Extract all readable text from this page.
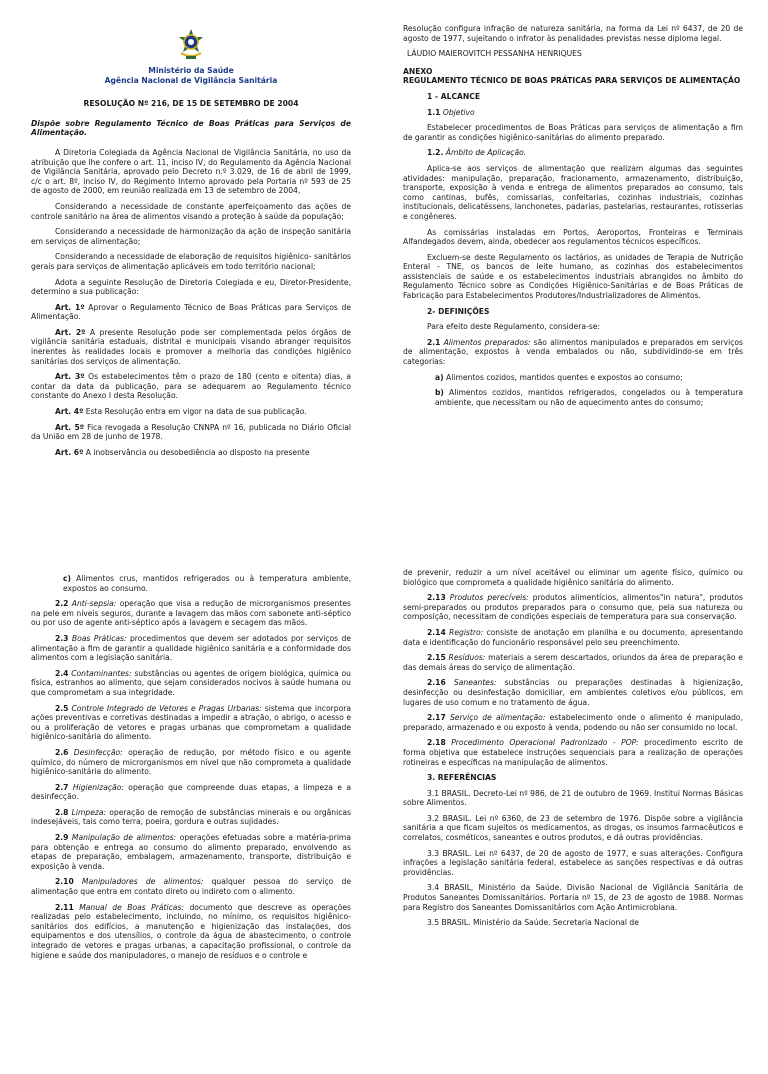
Ministério da Saúde
Agência Nacional de Vigilância Sanitária
RESOLUÇÃO Nº 216, DE 15 DE SETEMBRO DE 2004

Dispõe sobre Regulamento Técnico de Boas Práticas para Serviços de Alimentação.

A Diretoria Colegiada da Agência Nacional de Vigilância Sanitária, no uso da atribuição que lhe confere o art. 11, inciso IV, do Regulamento da Agência Nacional de Vigilância Sanitária, aprovado pelo Decreto n.º 3.029, de 16 de abril de 1999, c/c o art. 8º, inciso IV, do Regimento Interno aprovado pela Portaria nº 593 de 25 de agosto de 2000, em reunião realizada em 13 de setembro de 2004,

Considerando a necessidade de constante aperfeiçoamento das ações de controle sanitário na área de alimentos visando a proteção à saúde da população;

Considerando a necessidade de harmonização da ação de inspeção sanitária em serviços de alimentação;

Considerando a necessidade de elaboração de requisitos higiênico- sanitários gerais para serviços de alimentação aplicáveis em todo território nacional;

Adota a seguinte Resolução de Diretoria Colegiada e eu, Diretor-Presidente, determino a sua publicação:

Art. 1º Aprovar o Regulamento Técnico de Boas Práticas para Serviços de Alimentação.

Art. 2º A presente Resolução pode ser complementada pelos órgãos de vigilância sanitária estaduais, distrital e municipais visando abranger requisitos inerentes às realidades locais e promover a melhoria das condições higiênico sanitárias dos serviços de alimentação.

Art. 3º Os estabelecimentos têm o prazo de 180 (cento e oitenta) dias, a contar da data da publicação, para se adequarem ao Regulamento técnico constante do Anexo I desta Resolução.

Art. 4º Esta Resolução entra em vigor na data de sua publicação.

Art. 5º Fica revogada a Resolução CNNPA nº 16, publicada no Diário Oficial da União em 28 de junho de 1978.

Art. 6º A inobservância ou desobediência ao disposto na presente

Resolução configura infração de natureza sanitária, na forma da Lei nº 6437, de 20 de agosto de 1977, sujeitando o infrator às penalidades previstas nesse diploma legal.

LÁUDIO MAIEROVITCH PESSANHA HENRIQUES

ANEXO
REGULAMENTO TÉCNICO DE BOAS PRÁTICAS PARA SERVIÇOS DE ALIMENTAÇÃO
1 - ALCANCE

1.1 Objetivo

Estabelecer procedimentos de Boas Práticas para serviços de alimentação a fim de garantir as condições higiênico-sanitárias do alimento preparado.

1.2. Âmbito de Aplicação.

Aplica-se aos serviços de alimentação que realizam algumas das seguintes atividades: manipulação, preparação, fracionamento, armazenamento, distribuição, transporte, exposição à venda e entrega de alimentos preparados ao consumo, tais como cantinas, bufês, comissarias, confeitarias, cozinhas industriais, cozinhas institucionais, delicatéssens, lanchonetes, padarias, pastelarias, restaurantes, rotisserias e congêneres.

As comissárias instaladas em Portos, Aeroportos, Fronteiras e Terminais Alfandegados devem, ainda, obedecer aos regulamentos técnicos específicos.

Excluem-se deste Regulamento os lactários, as unidades de Terapia de Nutrição Enteral - TNE, os bancos de leite humano, as cozinhas dos estabelecimentos assistenciais de saúde e os estabelecimentos industriais abrangidos no âmbito do Regulamento Técnico sobre as Condições Higiênico-Sanitárias e de Boas Práticas de Fabricação para Estabelecimentos Produtores/Industrializadores de Alimentos.

2- DEFINIÇÕES

Para efeito deste Regulamento, considera-se:

2.1 Alimentos preparados: são alimentos manipulados e preparados em serviços de alimentação, expostos à venda embalados ou não, subdividindo-se em três categorias:

a) Alimentos cozidos, mantidos quentes e expostos ao consumo;

b) Alimentos cozidos, mantidos refrigerados, congelados ou à temperatura ambiente, que necessitam ou não de aquecimento antes do consumo;

c) Alimentos crus, mantidos refrigerados ou à temperatura ambiente, expostos ao consumo.

2.2 Anti-sepsia: operação que visa a redução de microrganismos presentes na pele em níveis seguros, durante a lavagem das mãos com sabonete anti-séptico ou por uso de agente anti-séptico após a lavagem e secagem das mãos.

2.3 Boas Práticas: procedimentos que devem ser adotados por serviços de alimentação a fim de garantir a qualidade higiênico sanitária e a conformidade dos alimentos com a legislação sanitária.

2.4 Contaminantes: substâncias ou agentes de origem biológica, química ou física, estranhos ao alimento, que sejam considerados nocivos à saúde humana ou que comprometam a sua integridade.

2.5 Controle Integrado de Vetores e Pragas Urbanas: sistema que incorpora ações preventivas e corretivas destinadas a impedir a atração, o abrigo, o acesso e ou a proliferação de vetores e pragas urbanas que comprometam a qualidade higiênico-sanitária do alimento.

2.6 Desinfecção: operação de redução, por método físico e ou agente químico, do número de microrganismos em nível que não comprometa a qualidade higiênico-sanitária do alimento.

2.7 Higienização: operação que compreende duas etapas, a limpeza e a desinfecção.

2.8 Limpeza: operação de remoção de substâncias minerais e ou orgânicas indesejáveis, tais como terra, poeira, gordura e outras sujidades.

2.9 Manipulação de alimentos: operações efetuadas sobre a matéria-prima para obtenção e entrega ao consumo do alimento preparado, envolvendo as etapas de preparação, embalagem, armazenamento, transporte, distribuição e exposição à venda.

2.10 Manipuladores de alimentos: qualquer pessoa do serviço de alimentação que entra em contato direto ou indireto com o alimento.

2.11 Manual de Boas Práticas: documento que descreve as operações realizadas pelo estabelecimento, incluindo, no mínimo, os requisitos higiênico-sanitários dos edifícios, a manutenção e higienização das instalações, dos equipamentos e dos utensílios, o controle da água de abastecimento, o controle integrado de vetores e pragas urbanas, a capacitação profissional, o controle da higiene e saúde dos manipuladores, o manejo de resíduos e o controle e

de prevenir, reduzir a um nível aceitável ou eliminar um agente físico, químico ou biológico que comprometa a qualidade higiênico sanitária do alimento.

2.13 Produtos perecíveis: produtos alimentícios, alimentos"in natura", produtos semi-preparados ou produtos preparados para o consumo que, pela sua natureza ou composição, necessitam de condições especiais de temperatura para sua conservação.

2.14 Registro: consiste de anotação em planilha e ou documento, apresentando data e identificação do funcionário responsável pelo seu preenchimento.

2.15 Resíduos: materiais a serem descartados, oriundos da área de preparação e das demais áreas do serviço de alimentação.

2.16 Saneantes: substâncias ou preparações destinadas à higienização, desinfecção ou desinfestação domiciliar, em ambientes coletivos e/ou públicos, em lugares de uso comum e no tratamento de água.

2.17 Serviço de alimentação: estabelecimento onde o alimento é manipulado, preparado, armazenado e ou exposto à venda, podendo ou não ser consumido no local.

2.18 Procedimento Operacional Padronizado - POP: procedimento escrito de forma objetiva que estabelece instruções sequenciais para a realização de operações rotineiras e específicas na manipulação de alimentos.

3. REFERÊNCIAS

3.1 BRASIL. Decreto-Lei nº 986, de 21 de outubro de 1969. Institui Normas Básicas sobre Alimentos.

3.2 BRASIL. Lei nº 6360, de 23 de setembro de 1976. Dispõe sobre a vigilância sanitária a que ficam sujeitos os medicamentos, as drogas, os insumos farmacêuticos e correlatos, cosméticos, saneantes e outros produtos, e dá outras providências.

3.3 BRASIL. Lei nº 6437, de 20 de agosto de 1977, e suas alterações. Configura infrações a legislação sanitária federal, estabelece as sanções respectivas e dá outras providências.

3.4 BRASIL, Ministério da Saúde. Divisão Nacional de Vigilância Sanitária de Produtos Saneantes Domissanitários. Portaria nº 15, de 23 de agosto de 1988. Normas para Registro dos Saneantes Domissanitários com Ação Antimicrobiana.

3.5 BRASIL. Ministério da Saúde. Secretaria Nacional de
